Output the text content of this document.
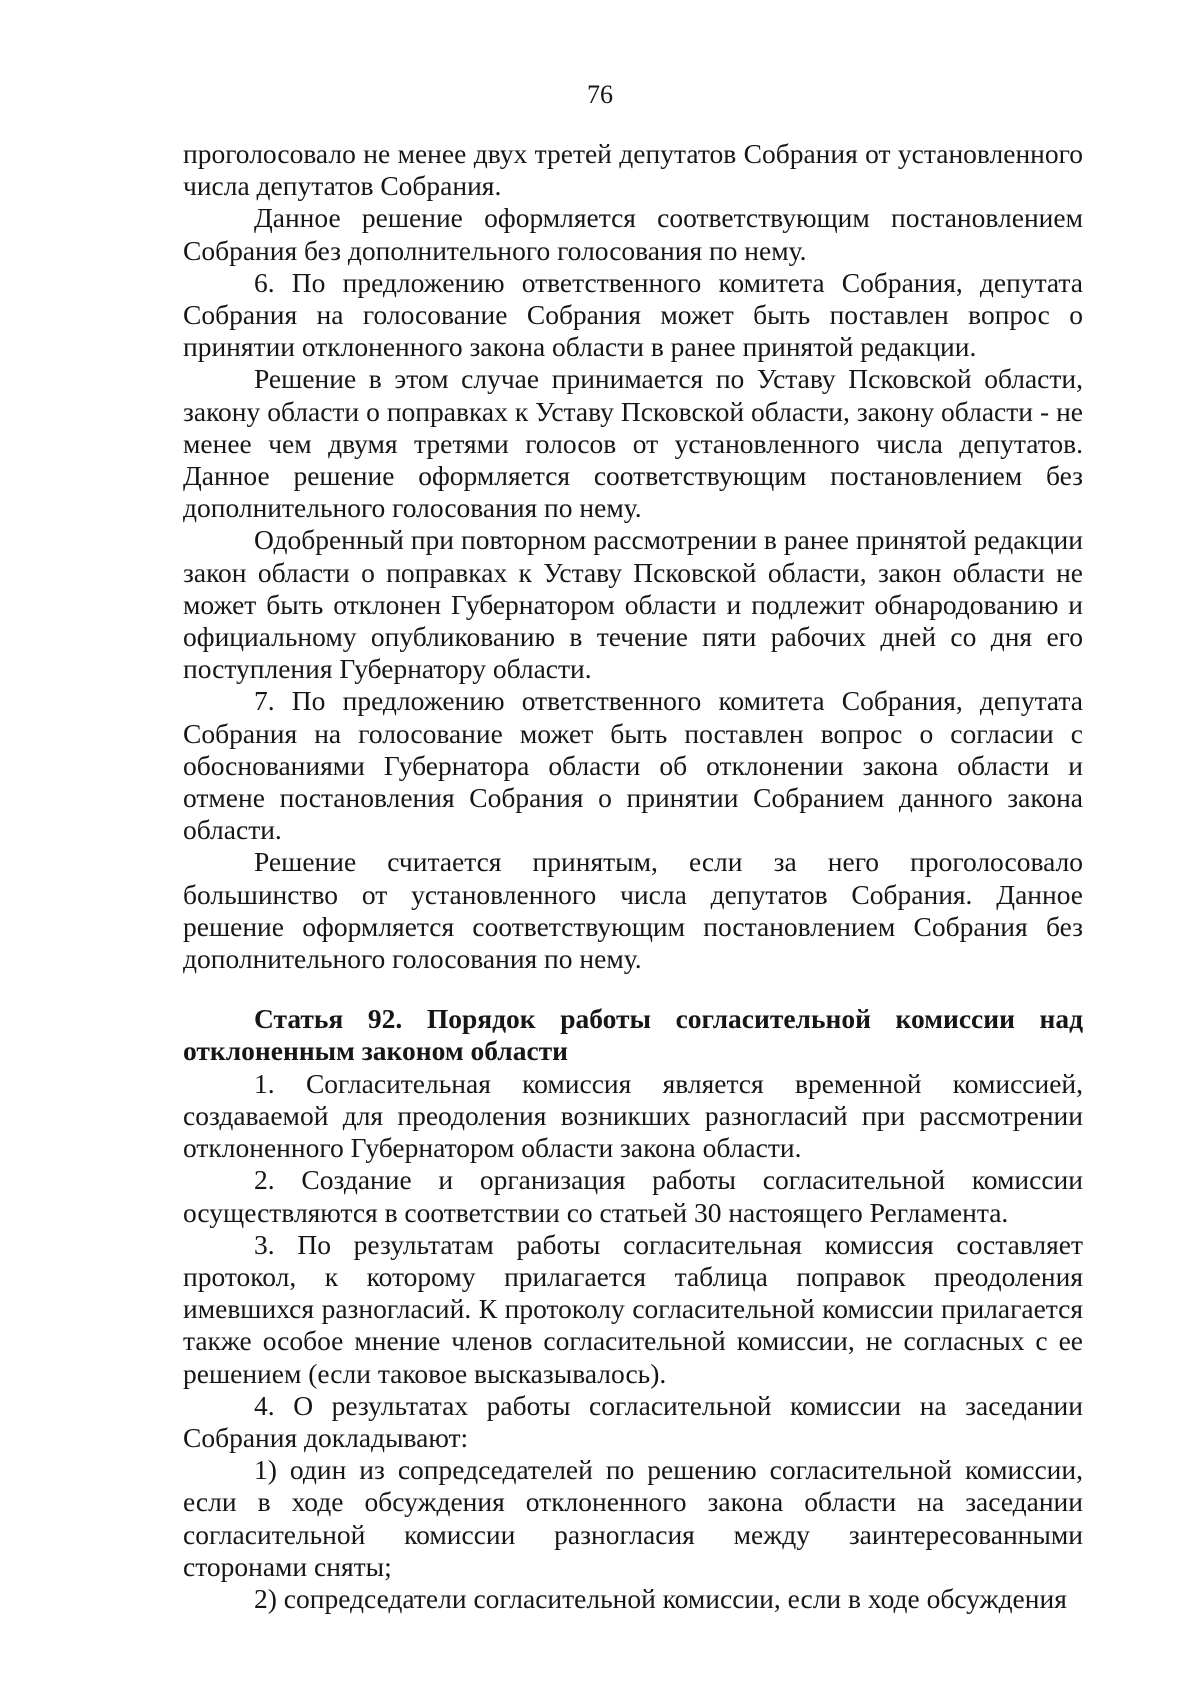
76

проголосовало не менее двух третей депутатов Собрания от установленного числа депутатов Собрания.

Данное решение оформляется соответствующим постановлением Собрания без дополнительного голосования по нему.

6. По предложению ответственного комитета Собрания, депутата Собрания на голосование Собрания может быть поставлен вопрос о принятии отклоненного закона области в ранее принятой редакции.

Решение в этом случае принимается по Уставу Псковской области, закону области о поправках к Уставу Псковской области, закону области - не менее чем двумя третями голосов от установленного числа депутатов. Данное решение оформляется соответствующим постановлением без дополнительного голосования по нему.

Одобренный при повторном рассмотрении в ранее принятой редакции закон области о поправках к Уставу Псковской области, закон области не может быть отклонен Губернатором области и подлежит обнародованию и официальному опубликованию в течение пяти рабочих дней со дня его поступления Губернатору области.

7. По предложению ответственного комитета Собрания, депутата Собрания на голосование может быть поставлен вопрос о согласии с обоснованиями Губернатора области об отклонении закона области и отмене постановления Собрания о принятии Собранием данного закона области.

Решение считается принятым, если за него проголосовало большинство от установленного числа депутатов Собрания. Данное решение оформляется соответствующим постановлением Собрания без дополнительного голосования по нему.

Статья 92. Порядок работы согласительной комиссии над отклоненным законом области

1. Согласительная комиссия является временной комиссией, создаваемой для преодоления возникших разногласий при рассмотрении отклоненного Губернатором области закона области.

2. Создание и организация работы согласительной комиссии осуществляются в соответствии со статьей 30 настоящего Регламента.

3. По результатам работы согласительная комиссия составляет протокол, к которому прилагается таблица поправок преодоления имевшихся разногласий. К протоколу согласительной комиссии прилагается также особое мнение членов согласительной комиссии, не согласных с ее решением (если таковое высказывалось).

4. О результатах работы согласительной комиссии на заседании Собрания докладывают:

1) один из сопредседателей по решению согласительной комиссии, если в ходе обсуждения отклоненного закона области на заседании согласительной комиссии разногласия между заинтересованными сторонами сняты;

2) сопредседатели согласительной комиссии, если в ходе обсуждения
